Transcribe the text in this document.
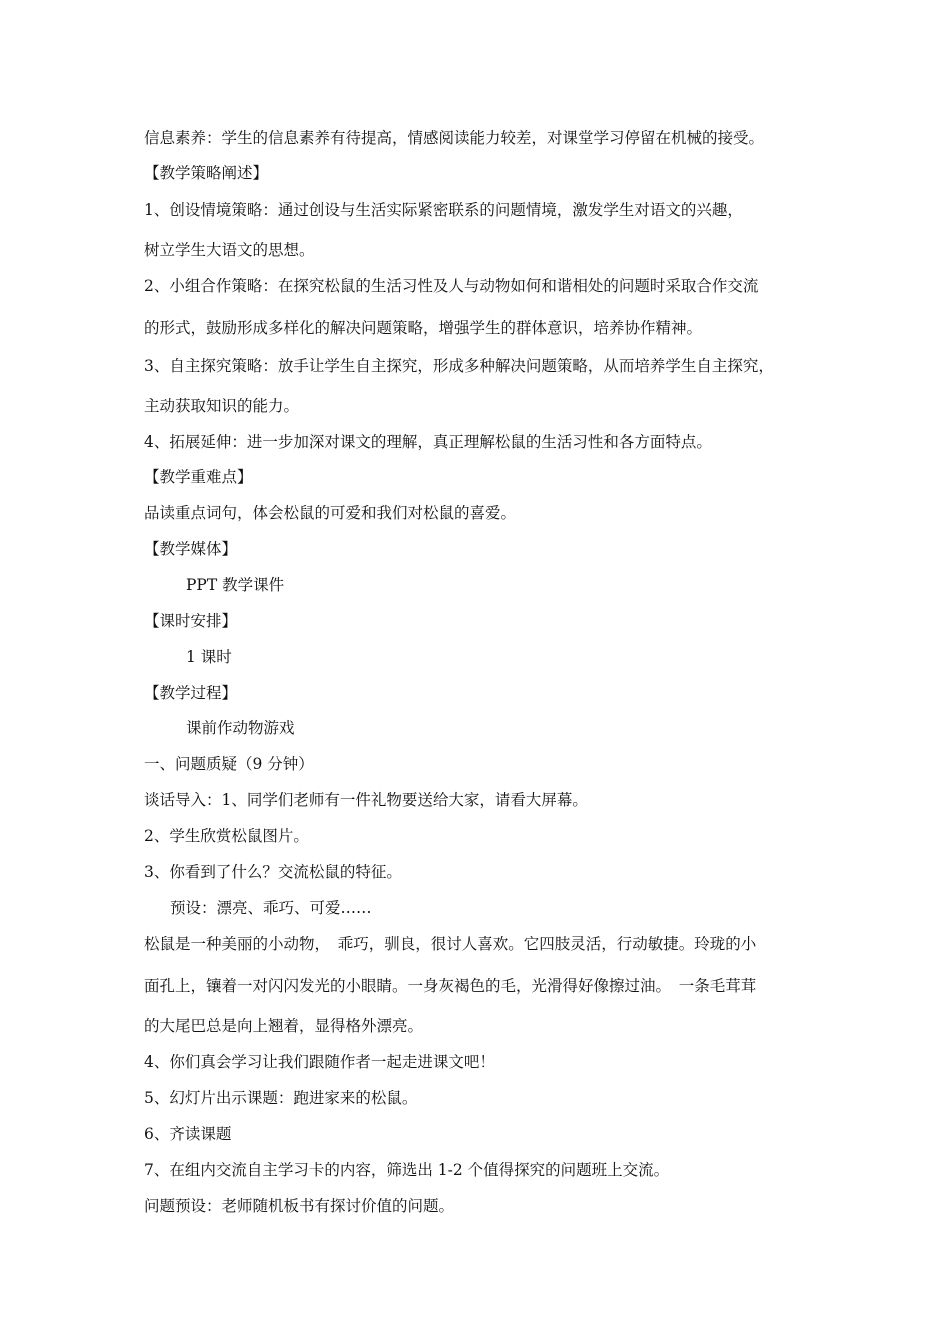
信息素养：学生的信息素养有待提高，情感阅读能力较差，对课堂学习停留在机械的接受。
【教学策略阐述】
1、创设情境策略：通过创设与生活实际紧密联系的问题情境，激发学生对语文的兴趣，
树立学生大语文的思想。
2、小组合作策略：在探究松鼠的生活习性及人与动物如何和谐相处的问题时采取合作交流
的形式，鼓励形成多样化的解决问题策略，增强学生的群体意识，培养协作精神。
3、自主探究策略：放手让学生自主探究，形成多种解决问题策略，从而培养学生自主探究，
主动获取知识的能力。
4、拓展延伸：进一步加深对课文的理解，真正理解松鼠的生活习性和各方面特点。
【教学重难点】
品读重点词句，体会松鼠的可爱和我们对松鼠的喜爱。
【教学媒体】
PPT 教学课件
【课时安排】
1 课时
【教学过程】
课前作动物游戏
一、问题质疑（9 分钟）
谈话导入：1、同学们老师有一件礼物要送给大家，请看大屏幕。
2、学生欣赏松鼠图片。
3、你看到了什么？交流松鼠的特征。
预设：漂亮、乖巧、可爱……
松鼠是一种美丽的小动物，　乖巧，驯良，很讨人喜欢。它四肢灵活，行动敏捷。玲珑的小
面孔上，镶着一对闪闪发光的小眼睛。一身灰褐色的毛，光滑得好像擦过油。　一条毛茸茸
的大尾巴总是向上翘着，显得格外漂亮。
4、你们真会学习让我们跟随作者一起走进课文吧！
5、幻灯片出示课题：跑进家来的松鼠。
6、齐读课题
7、在组内交流自主学习卡的内容，筛选出 1-2 个值得探究的问题班上交流。
问题预设：老师随机板书有探讨价值的问题。
